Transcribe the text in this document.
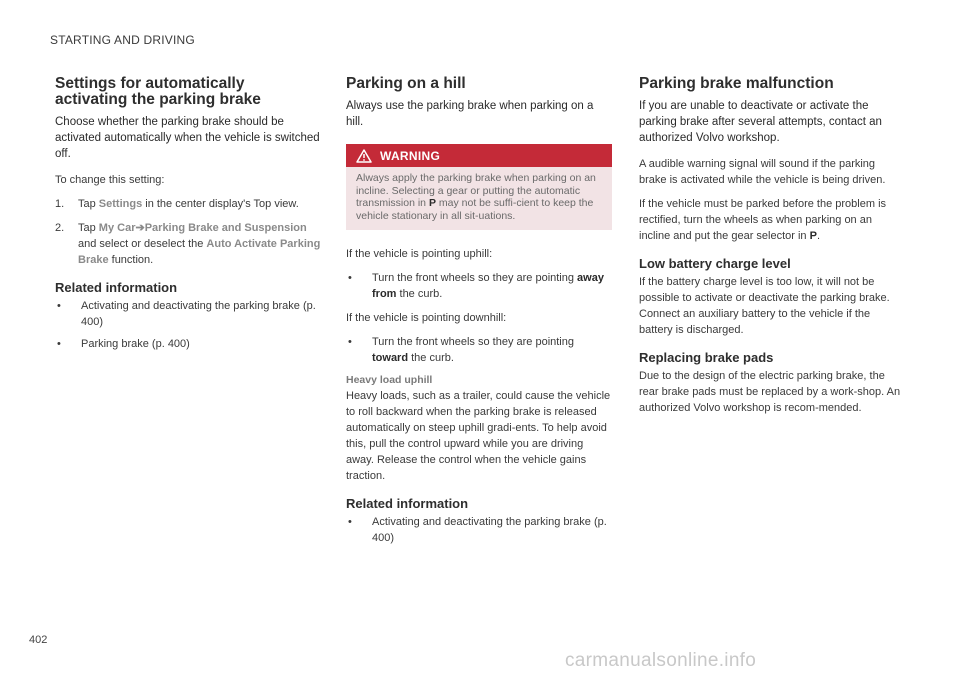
STARTING AND DRIVING
Settings for automatically activating the parking brake

Choose whether the parking brake should be activated automatically when the vehicle is switched off.

To change this setting:

1.	Tap Settings in the center display's Top view.
2.	Tap My Car➔Parking Brake and Suspension and select or deselect the Auto Activate Parking Brake function.
Related information
•	Activating and deactivating the parking brake (p. 400)
•	Parking brake (p. 400)
Parking on a hill

Always use the parking brake when parking on a hill.

WARNING
Always apply the parking brake when parking on an incline. Selecting a gear or putting the automatic transmission in P may not be suffi-cient to keep the vehicle stationary in all sit-uations.

If the vehicle is pointing uphill:

•	Turn the front wheels so they are pointing away from the curb.

If the vehicle is pointing downhill:

•	Turn the front wheels so they are pointing toward the curb.
Heavy load uphill

Heavy loads, such as a trailer, could cause the vehicle to roll backward when the parking brake is released automatically on steep uphill gradi-ents. To help avoid this, pull the control upward while you are driving away. Release the control when the vehicle gains traction.

Related information
•	Activating and deactivating the parking brake (p. 400)
Parking brake malfunction

If you are unable to deactivate or activate the parking brake after several attempts, contact an authorized Volvo workshop.

A audible warning signal will sound if the parking brake is activated while the vehicle is being driven.

If the vehicle must be parked before the problem is rectified, turn the wheels as when parking on an incline and put the gear selector in P.

Low battery charge level

If the battery charge level is too low, it will not be possible to activate or deactivate the parking brake. Connect an auxiliary battery to the vehicle if the battery is discharged.

Replacing brake pads

Due to the design of the electric parking brake, the rear brake pads must be replaced by a work-shop. An authorized Volvo workshop is recom-mended.

402
carmanualsonline.info
